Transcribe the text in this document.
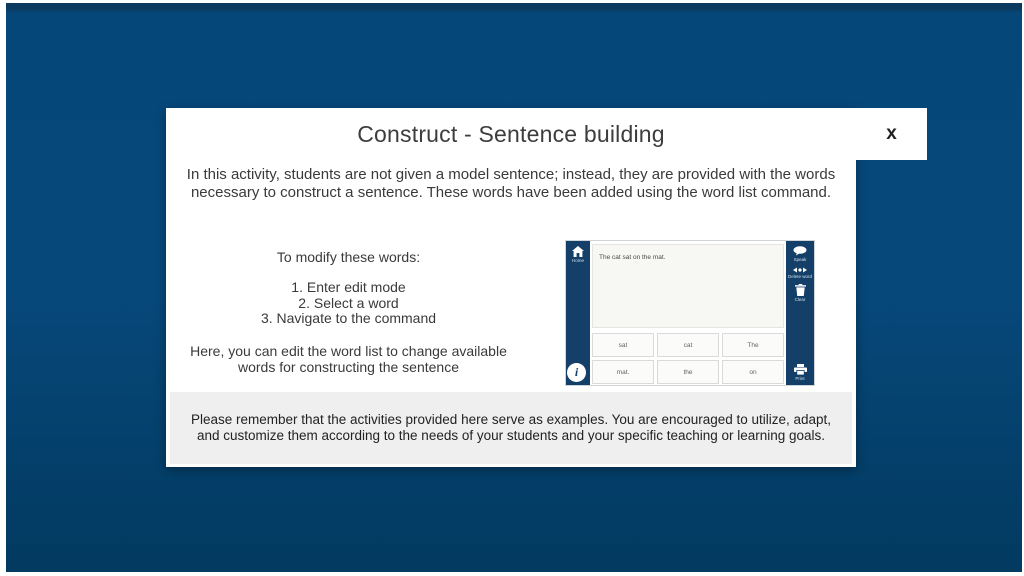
Construct - Sentence building	x

In this activity, students are not given a model sentence; instead, they are provided with the words necessary to construct a sentence. These words have been added using the word list command.

To modify these words:
1. Enter edit mode
2. Select a word
3. Navigate to the command
Here, you can edit the word list to change available words for constructing the sentence
Home
i
The cat sat on the mat.
sat	cat	The
mat.	the	on
Speak
Delete word
Clear
Print

Please remember that the activities provided here serve as examples. You are encouraged to utilize, adapt, and customize them according to the needs of your students and your specific teaching or learning goals.
